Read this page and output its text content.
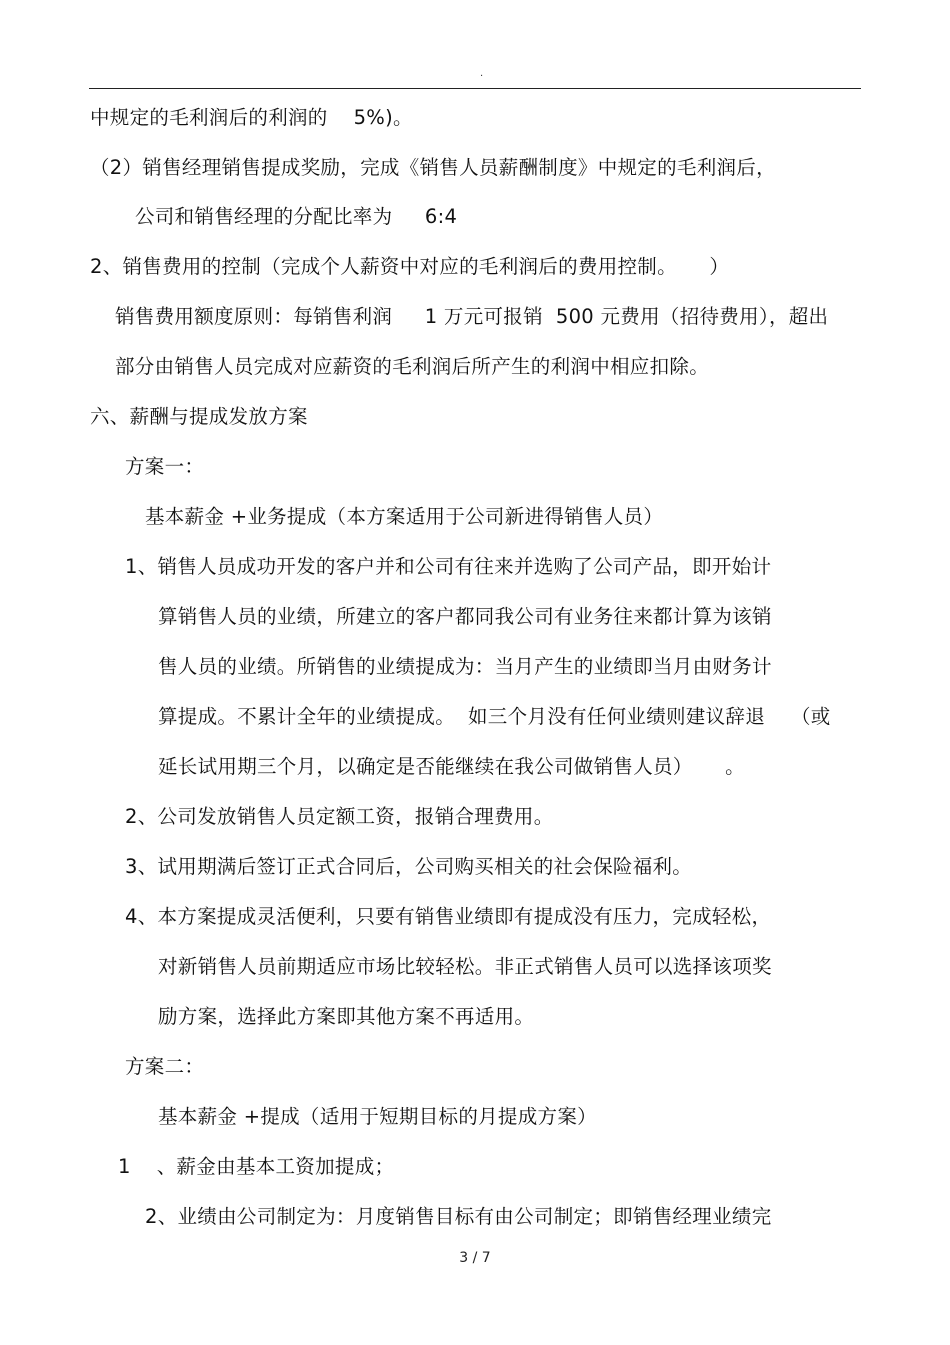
.
中规定的毛利润后的利润的    5%)。
（2）销售经理销售提成奖励，完成《销售人员薪酬制度》中规定的毛利润后，
公司和销售经理的分配比率为     6:4
2、销售费用的控制（完成个人薪资中对应的毛利润后的费用控制。     ）
销售费用额度原则：每销售利润     1 万元可报销  500 元费用（招待费用），超出
部分由销售人员完成对应薪资的毛利润后所产生的利润中相应扣除。
六、薪酬与提成发放方案
方案一：
基本薪金 +业务提成（本方案适用于公司新进得销售人员）
1、销售人员成功开发的客户并和公司有往来并选购了公司产品，即开始计
算销售人员的业绩，所建立的客户都同我公司有业务往来都计算为该销
售人员的业绩。所销售的业绩提成为：当月产生的业绩即当月由财务计
算提成。不累计全年的业绩提成。  如三个月没有任何业绩则建议辞退    （或
延长试用期三个月，以确定是否能继续在我公司做销售人员）     。
2、公司发放销售人员定额工资，报销合理费用。
3、试用期满后签订正式合同后，公司购买相关的社会保险福利。
4、本方案提成灵活便利，只要有销售业绩即有提成没有压力，完成轻松，
对新销售人员前期适应市场比较轻松。非正式销售人员可以选择该项奖
励方案，选择此方案即其他方案不再适用。
方案二：
基本薪金 +提成（适用于短期目标的月提成方案）
1    、薪金由基本工资加提成；
2、业绩由公司制定为：月度销售目标有由公司制定；即销售经理业绩完
3 / 7
